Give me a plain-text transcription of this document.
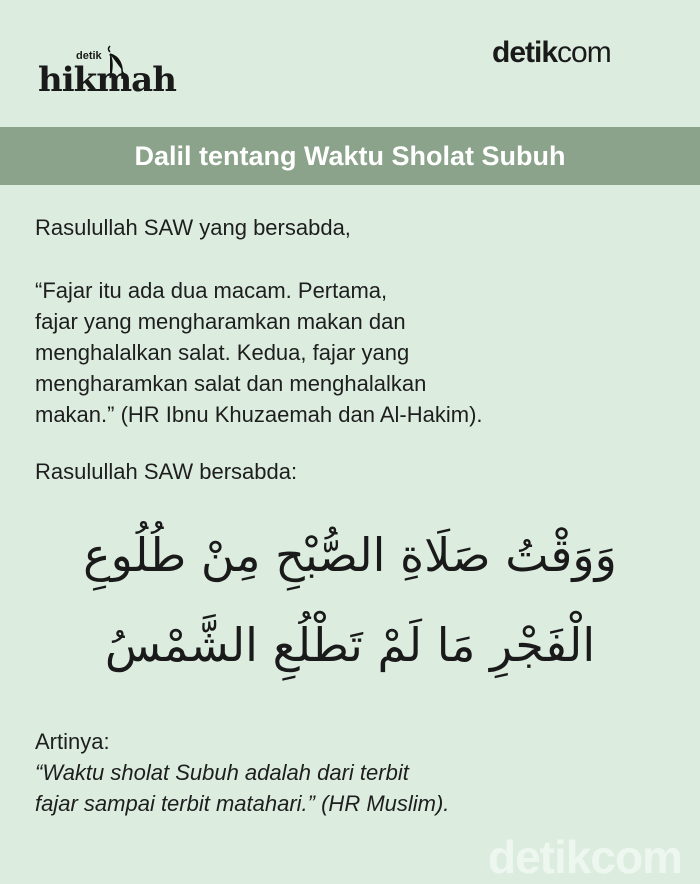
detik
hikmah
detikcom
Dalil tentang Waktu Sholat Subuh
Rasulullah SAW yang bersabda,
“Fajar itu ada dua macam. Pertama,
fajar yang mengharamkan makan dan
menghalalkan salat. Kedua, fajar yang
mengharamkan salat dan menghalalkan
makan.” (HR Ibnu Khuzaemah dan Al-Hakim).
Rasulullah SAW bersabda:
وَوَقْتُ صَلَاةِ الصُّبْحِ مِنْ طُلُوعِ
الْفَجْرِ مَا لَمْ تَطْلُعِ الشَّمْسُ
Artinya:
“Waktu sholat Subuh adalah dari terbit
fajar sampai terbit matahari.” (HR Muslim).
detikcom
